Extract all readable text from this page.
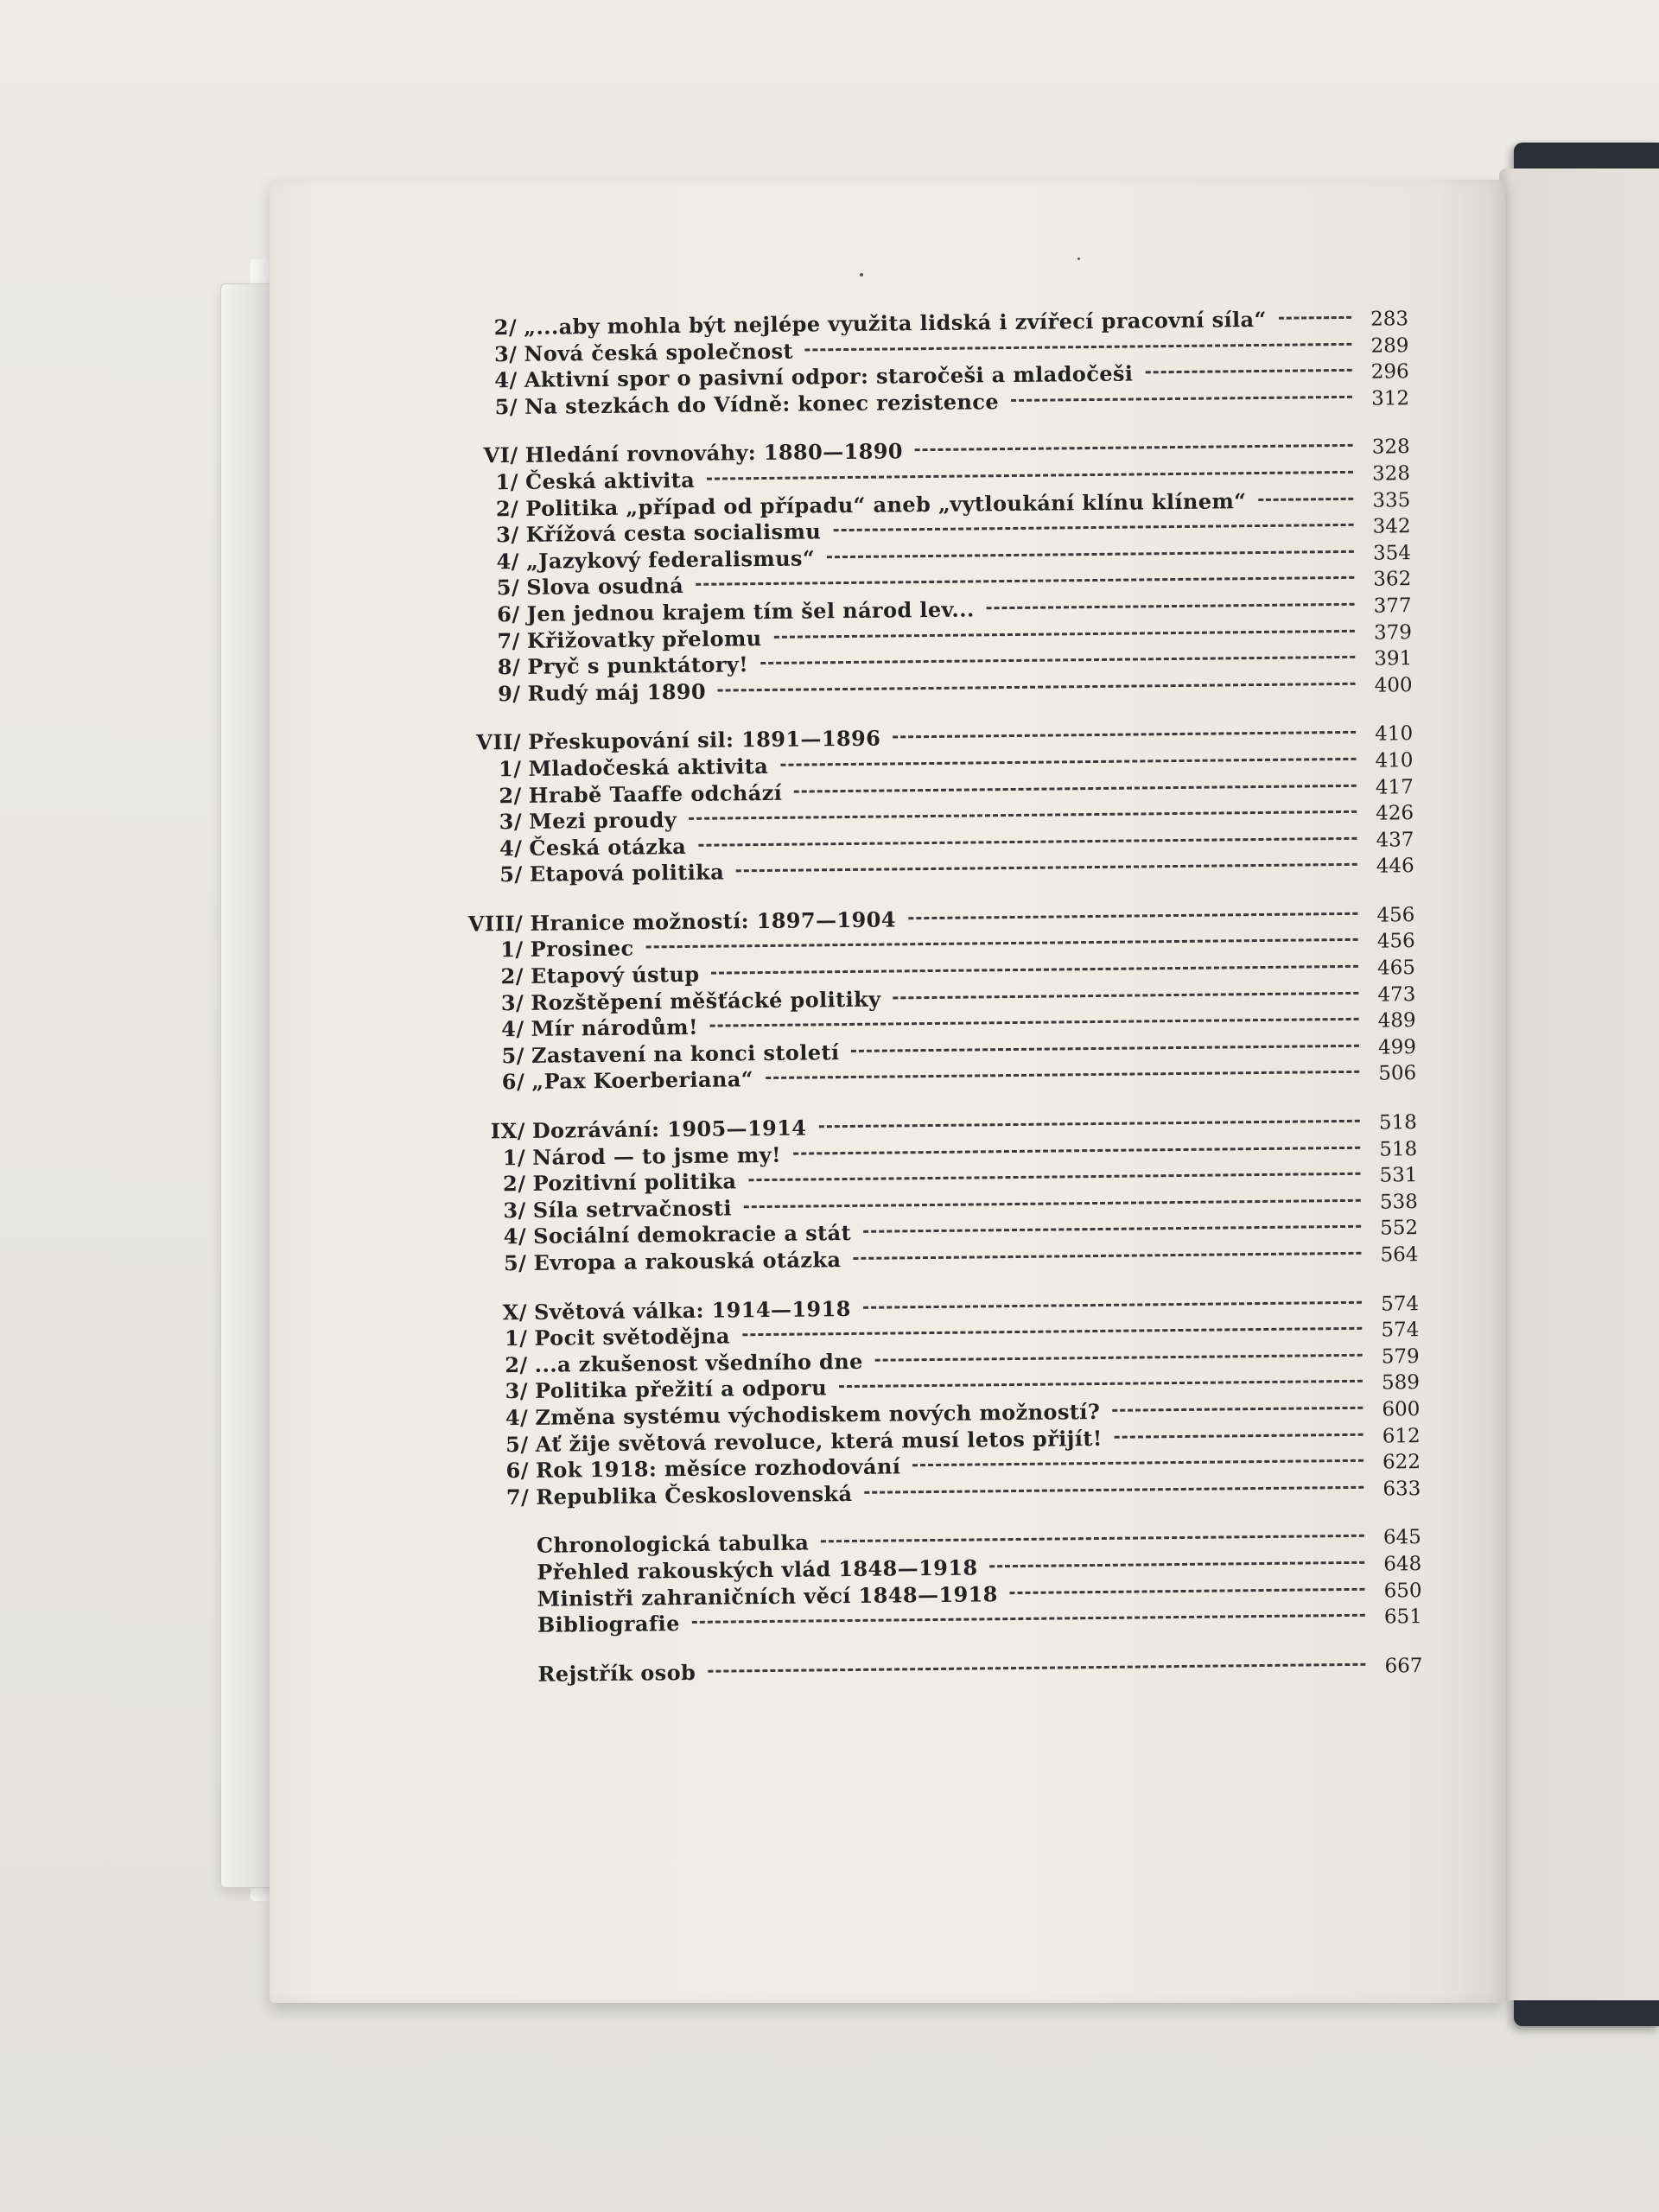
2/ „...aby mohla být nejlépe využita lidská i zvířecí pracovní síla“	283
3/ Nová česká společnost	289
4/ Aktivní spor o pasivní odpor: staročeši a mladočeši	296
5/ Na stezkách do Vídně: konec rezistence	312
VI/ Hledání rovnováhy: 1880—1890	328
1/ Česká aktivita	328
2/ Politika „případ od případu“ aneb „vytloukání klínu klínem“	335
3/ Křížová cesta socialismu	342
4/ „Jazykový federalismus“	354
5/ Slova osudná	362
6/ Jen jednou krajem tím šel národ lev...	377
7/ Křižovatky přelomu	379
8/ Pryč s punktátory!	391
9/ Rudý máj 1890	400
VII/ Přeskupování sil: 1891—1896	410
1/ Mladočeská aktivita	410
2/ Hrabě Taaffe odchází	417
3/ Mezi proudy	426
4/ Česká otázka	437
5/ Etapová politika	446
VIII/ Hranice možností: 1897—1904	456
1/ Prosinec	456
2/ Etapový ústup	465
3/ Rozštěpení měšťácké politiky	473
4/ Mír národům!	489
5/ Zastavení na konci století	499
6/ „Pax Koerberiana“	506
IX/ Dozrávání: 1905—1914	518
1/ Národ — to jsme my!	518
2/ Pozitivní politika	531
3/ Síla setrvačnosti	538
4/ Sociální demokracie a stát	552
5/ Evropa a rakouská otázka	564
X/ Světová válka: 1914—1918	574
1/ Pocit světodějna	574
2/ ...a zkušenost všedního dne	579
3/ Politika přežití a odporu	589
4/ Změna systému východiskem nových možností?	600
5/ Ať žije světová revoluce, která musí letos přijít!	612
6/ Rok 1918: měsíce rozhodování	622
7/ Republika Československá	633
Chronologická tabulka	645
Přehled rakouských vlád 1848—1918	648
Ministři zahraničních věcí 1848—1918	650
Bibliografie	651
Rejstřík osob	667
